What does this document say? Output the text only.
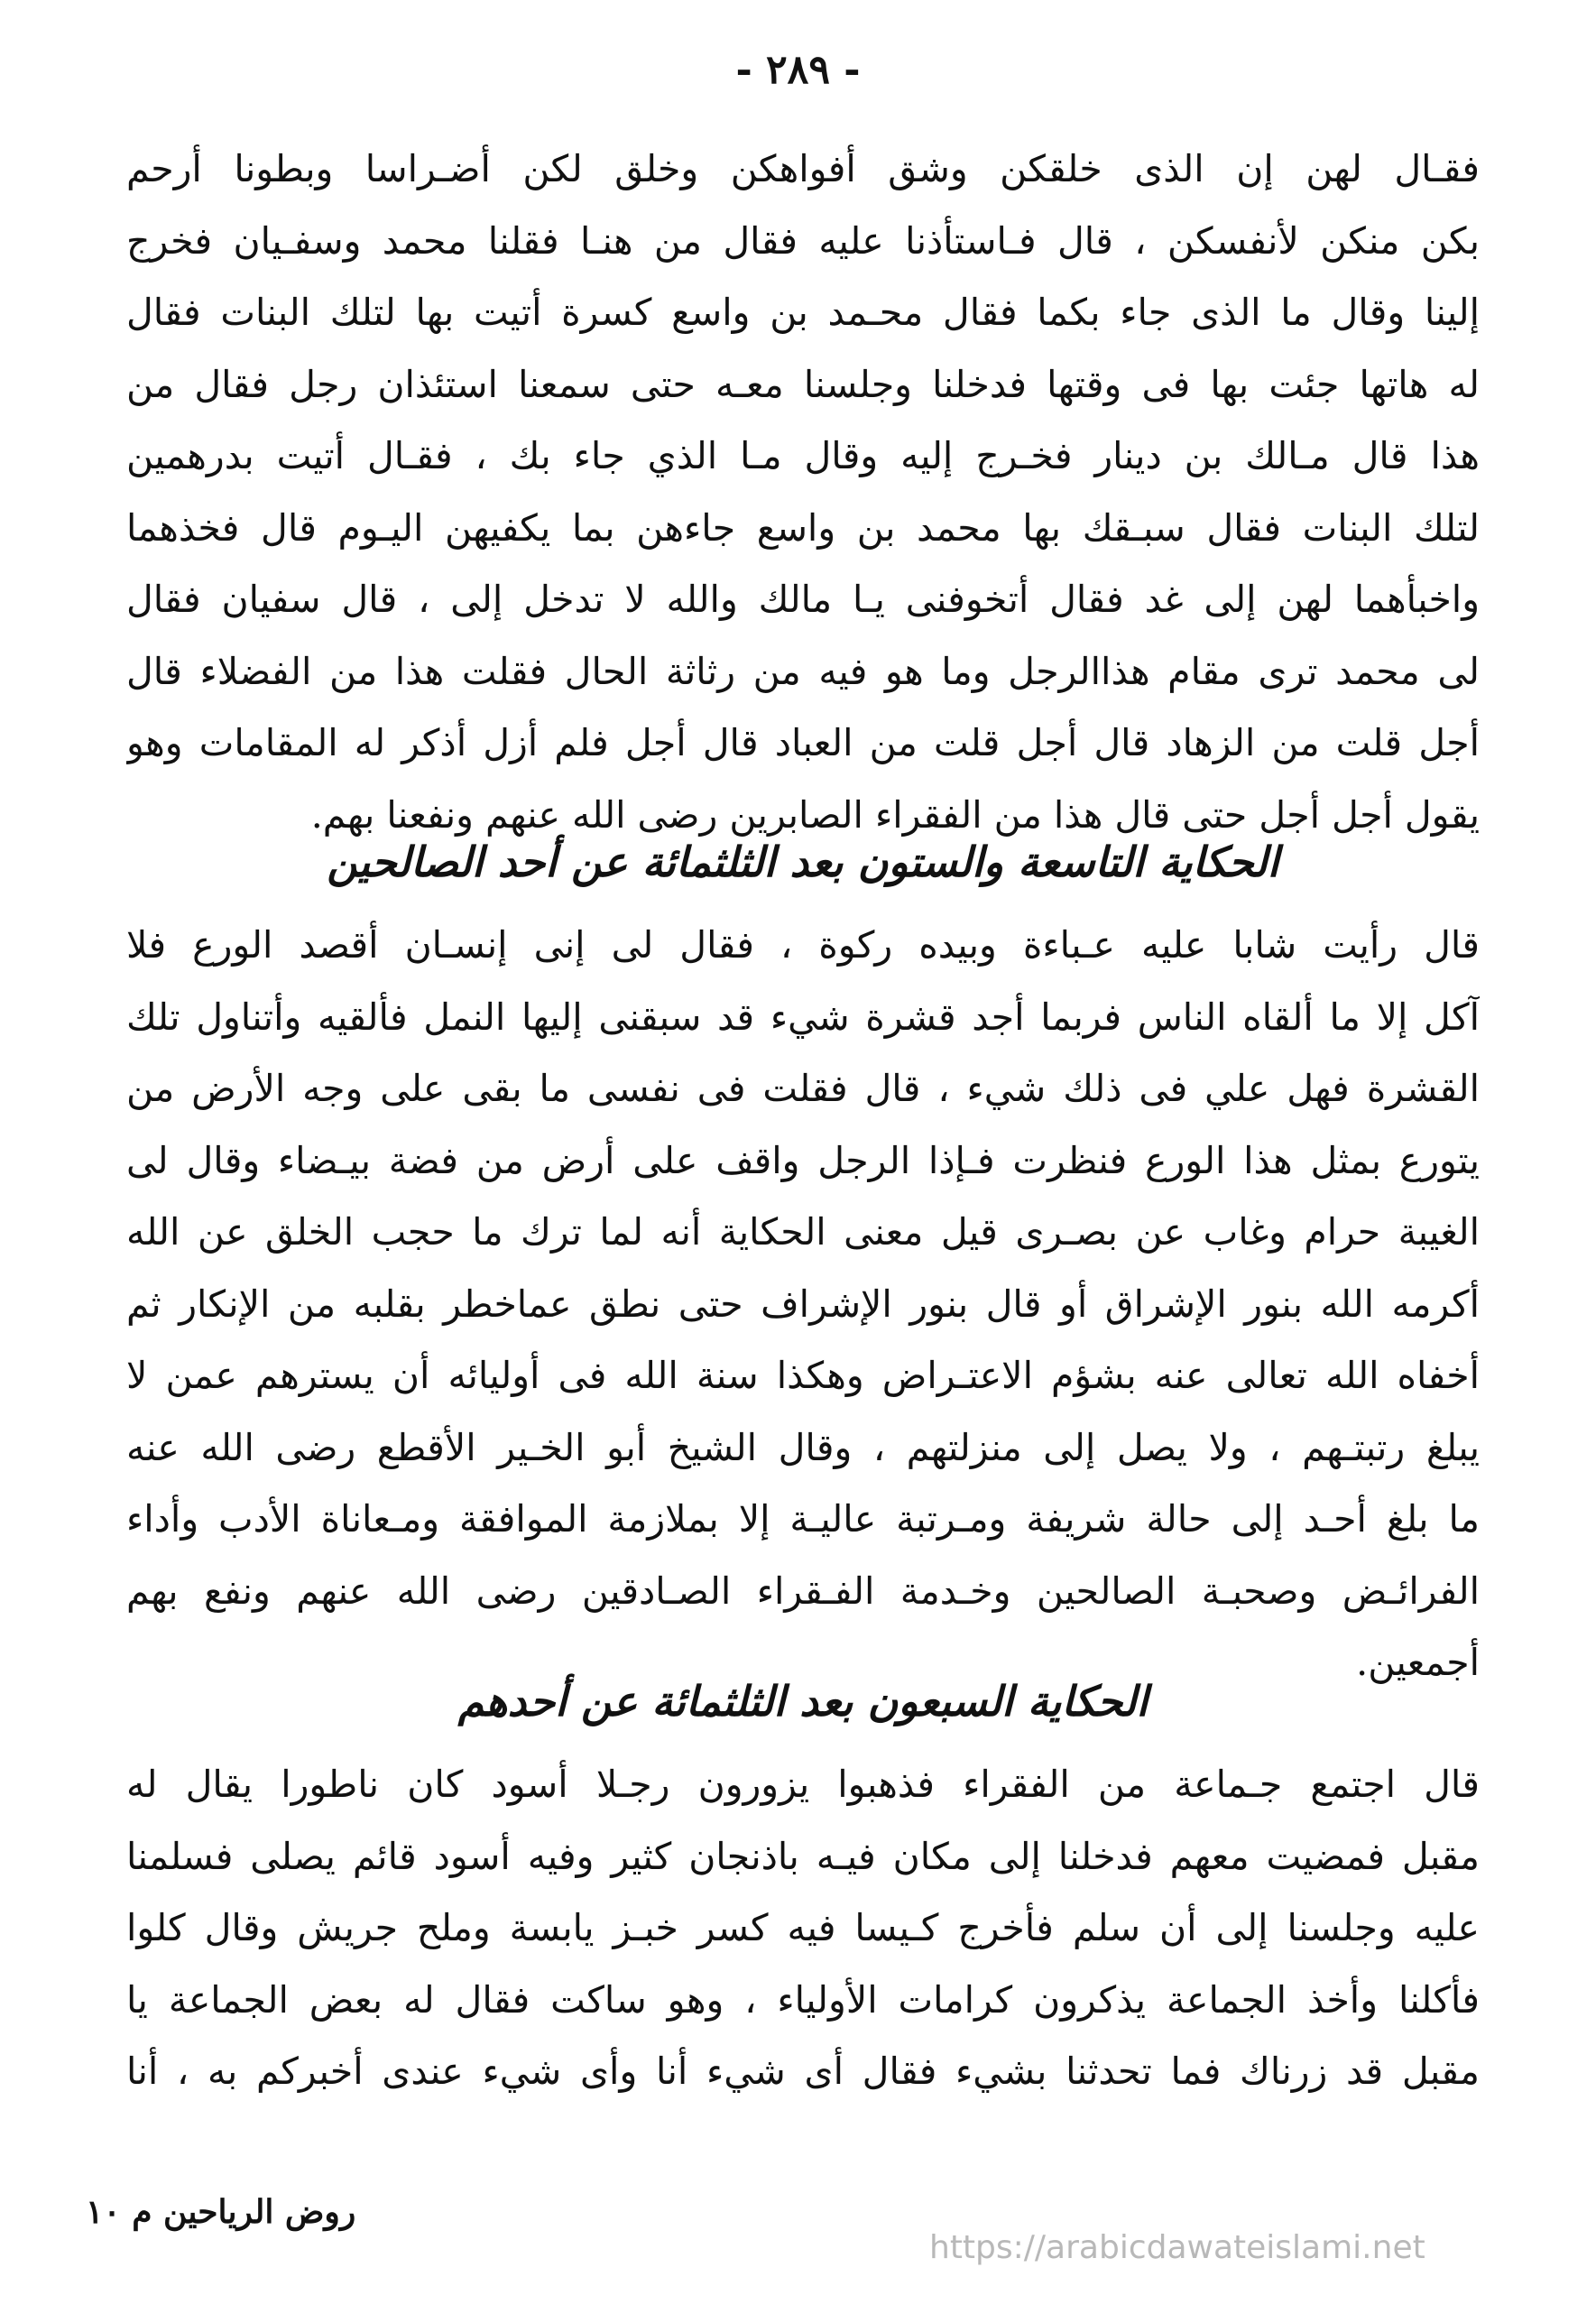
- ٢٨٩ -
فقـال لهن إن الذى خلقكن وشق أفواهكن وخلق لكن أضـراسا وبطونا أرحم
بكن منكن لأنفسكن ، قال فـاستأذنا عليه فقال من هنـا فقلنا محمد وسفـيان فخرج
إلينا وقال ما الذى جاء بكما فقال محـمد بن واسع كسرة أتيت بها لتلك البنات فقال
له هاتها جئت بها فى وقتها فدخلنا وجلسنا معـه حتى سمعنا استئذان رجل فقال من
هذا قال مـالك بن دينار فخـرج إليه وقال مـا الذي جاء بك ، فقـال أتيت بدرهمين
لتلك البنات فقال سبـقك بها محمد بن واسع جاءهن بما يكفيهن اليـوم قال فخذهما
واخبأهما لهن إلى غد فقال أتخوفنى يـا مالك والله لا تدخل إلى ، قال سفيان فقال
لى محمد ترى مقام هذاالرجل وما هو فيه من رثاثة الحال فقلت هذا من الفضلاء قال
أجل قلت من الزهاد قال أجل قلت من العباد قال أجل فلم أزل أذكر له المقامات وهو
يقول أجل أجل حتى قال هذا من الفقراء الصابرين رضى الله عنهم ونفعنا بهم.
الحكاية التاسعة والستون بعد الثلثمائة عن أحد الصالحين
قال رأيت شابا عليه عـباءة وبيده ركوة ، فقال لى إنى إنسـان أقصد الورع فلا
آكل إلا ما ألقاه الناس فربما أجد قشرة شيء قد سبقنى إليها النمل فألقيه وأتناول تلك
القشرة فهل علي فى ذلك شيء ، قال فقلت فى نفسى ما بقى على وجه الأرض من
يتورع بمثل هذا الورع فنظرت فـإذا الرجل واقف على أرض من فضة بيـضاء وقال لى
الغيبة حرام وغاب عن بصـرى قيل معنى الحكاية أنه لما ترك ما حجب الخلق عن الله
أكرمه الله بنور الإشراق أو قال بنور الإشراف حتى نطق عماخطر بقلبه من الإنكار ثم
أخفاه الله تعالى عنه بشؤم الاعتـراض وهكذا سنة الله فى أوليائه أن يسترهم عمن لا
يبلغ رتبتـهم ، ولا يصل إلى منزلتهم ، وقال الشيخ أبو الخـير الأقطع رضى الله عنه
ما بلغ أحـد إلى حالة شريفة ومـرتبة عاليـة إلا بملازمة الموافقة ومـعاناة الأدب وأداء
الفرائـض وصحبـة الصالحين وخـدمة الفـقراء الصـادقين رضى الله عنهم ونفع بهم
أجمعين.
الحكاية السبعون بعد الثلثمائة عن أحدهم
قال اجتمع جـماعة من الفقراء فذهبوا يزورون رجـلا أسود كان ناطورا يقال له
مقبل فمضيت معهم فدخلنا إلى مكان فيـه باذنجان كثير وفيه أسود قائم يصلى فسلمنا
عليه وجلسنا إلى أن سلم فأخرج كـيسا فيه كسر خبـز يابسة وملح جريش وقال كلوا
فأكلنا وأخذ الجماعة يذكرون كرامات الأولياء ، وهو ساكت فقال له بعض الجماعة يا
مقبل قد زرناك فما تحدثنا بشيء فقال أى شيء أنا وأى شيء عندى أخبركم به ، أنا
روض الرياحين م ١٠
https://arabicdawateislami.net
